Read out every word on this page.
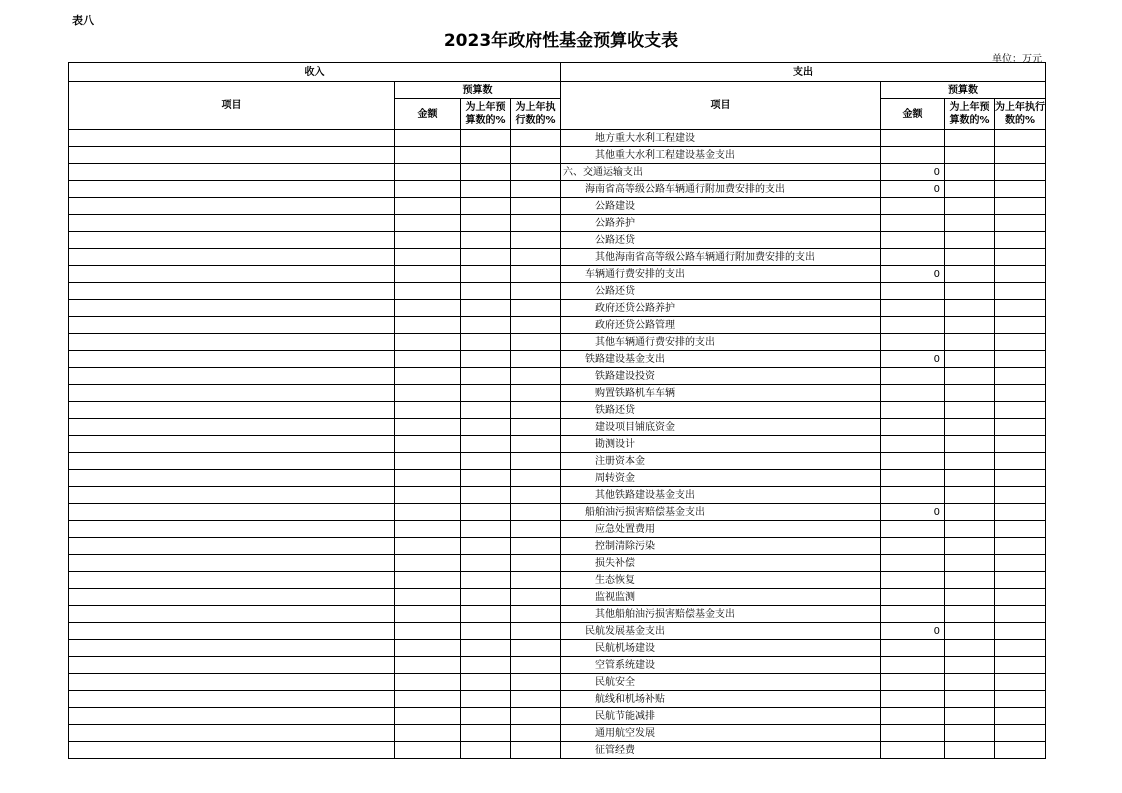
表八
2023年政府性基金预算收支表
单位：万元
收入				支出			
项目	预算数			项目	预算数		
	金额	为上年预算数的%	为上年执行数的%		金额	为上年预算数的%	为上年执行数的%
				地方重大水利工程建设			
				其他重大水利工程建设基金支出			
				六、交通运输支出	0		
				海南省高等级公路车辆通行附加费安排的支出	0		
				公路建设			
				公路养护			
				公路还贷			
				其他海南省高等级公路车辆通行附加费安排的支出			
				车辆通行费安排的支出	0		
				公路还贷			
				政府还贷公路养护			
				政府还贷公路管理			
				其他车辆通行费安排的支出			
				铁路建设基金支出	0		
				铁路建设投资			
				购置铁路机车车辆			
				铁路还贷			
				建设项目铺底资金			
				勘测设计			
				注册资本金			
				周转资金			
				其他铁路建设基金支出			
				船舶油污损害赔偿基金支出	0		
				应急处置费用			
				控制清除污染			
				损失补偿			
				生态恢复			
				监视监测			
				其他船舶油污损害赔偿基金支出			
				民航发展基金支出	0		
				民航机场建设			
				空管系统建设			
				民航安全			
				航线和机场补贴			
				民航节能减排			
				通用航空发展			
				征管经费			
